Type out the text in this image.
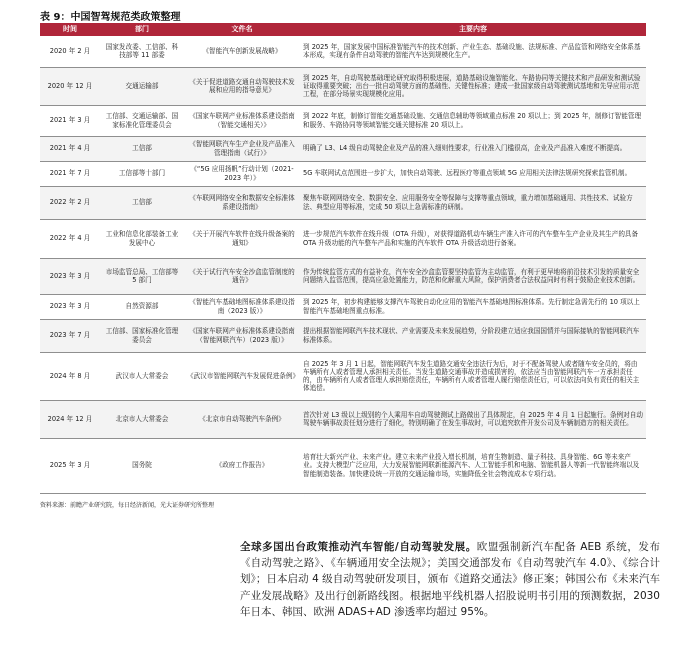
表 9：中国智驾规范类政策整理
时间	部门	文件名	主要内容
2020 年 2 月	国家发改委、工信部、科技部等 11 部委	《智能汽车创新发展战略》	到 2025 年，国家发展中国标准智能汽车的技术创新、产业生态、基础设施、法规标准、产品监管和网络安全体系基本形成，实现有条件自动驾驶的智能汽车达到规模化生产。
2020 年 12 月	交通运输部	《关于促进道路交通自动驾驶技术发展和应用的指导意见》	到 2025 年，自动驾驶基础理论研究取得积极进展，道路基础设施智能化、车路协同等关键技术和产品研发和测试验证取得重要突破；出台一批自动驾驶方面的基础性、关键性标准；建成一批国家级自动驾驶测试基地和先导应用示范工程，在部分场景实现规模化应用。
2021 年 3 月	工信部、交通运输部、国家标准化管理委员会	《国家车联网产业标准体系建设指南（智能交通相关）》	到 2022 年底，制修订智能交通基础设施、交通信息辅助等领域重点标准 20 项以上；到 2025 年，制修订智能管理和服务、车路协同等领域智能交通关键标准 20 项以上。
2021 年 4 月	工信部	《智能网联汽车生产企业及产品准入管理指南（试行）》	明确了 L3、L4 级自动驾驶企业及产品的准入细则性要求，行业准入门槛很高，企业及产品准入难度不断提高。
2021 年 7 月	工信部等十部门	《“5G 应用扬帆”行动计划（2021-2023 年）》	5G 车联网试点范围进一步扩大，加快自动驾驶、远程医疗等重点领域 5G 应用相关法律法规研究探索监管机制。
2022 年 2 月	工信部	《车联网网络安全和数据安全标准体系建设指南》	聚焦车联网网络安全、数据安全、应用服务安全等保障与支撑等重点领域，重力增加基础通用、共性技术、试验方法、典型应用等标准，完成 50 项以上急需标准的研制。
2022 年 4 月	工业和信息化部装备工业发展中心	《关于开展汽车软件在线升级备案的通知》	进一步规范汽车软件在线升级（OTA 升级），对获得道路机动车辆生产准入许可的汽车整车生产企业及其生产的具备 OTA 升级功能的汽车整车产品和实施的汽车软件 OTA 升级活动进行备案。
2023 年 3 月	市场监管总局、工信部等 5 部门	《关于试行汽车安全沙盒监管制度的通告》	作为传统监管方式的有益补充，汽车安全沙盒监管要坚持监管为主动监管，有利于更早地将前沿技术引发的质量安全问题纳入监管范围，提高应急处置能力，防范和化解重大风险，保护消费者合法权益同时有利于鼓励企业技术创新。
2023 年 3 月	自然资源部	《智能汽车基础地图标准体系建设指南（2023 版）》	到 2025 年，初步构建能够支撑汽车驾驶自动化应用的智能汽车基础地图标准体系。先行制定急需先行的 10 项以上智能汽车基础地图重点标准。
2023 年 7 月	工信部、国家标准化管理委员会	《国家车联网产业标准体系建设指南（智能网联汽车）（2023 版）》	提出根据智能网联汽车技术现状、产业需要及未来发展趋势，分阶段建立适应我国国情并与国际接轨的智能网联汽车标准体系。
2024 年 8 月	武汉市人大常委会	《武汉市智能网联汽车发展促进条例》	自 2025 年 3 月 1 日起，智能网联汽车发生道路交通安全违法行为后，对于不配备驾驶人或者随车安全员的，将由车辆所有人或者管理人承担相关责任。当发生道路交通事故并造成损害的，依法应当由智能网联汽车一方承担责任的，由车辆所有人或者管理人承担赔偿责任，车辆所有人或者管理人履行赔偿责任后，可以依法向负有责任的相关主体追偿。
2024 年 12 月	北京市人大常委会	《北京市自动驾驶汽车条例》	首次针对 L3 级以上级别的个人乘用车自动驾驶测试上路做出了具体规定，自 2025 年 4 月 1 日起施行。条例对自动驾驶车辆事故责任划分进行了细化，特别明确了在发生事故时，可以追究软件开发公司及车辆制造方的相关责任。
2025 年 3 月	国务院	《政府工作报告》	培育壮大新兴产业、未来产业。建立未来产业投入增长机制，培育生物制造、量子科技、具身智能、6G 等未来产业。支持大模型广泛应用，大力发展智能网联新能源汽车、人工智能手机和电脑、智能机器人等新一代智能终端以及智能制造装备。加快建设统一开放的交通运输市场，实施降低全社会物流成本专项行动。
资料来源：前瞻产业研究院，每日经济新闻，光大证券研究所整理
全球多国出台政策推动汽车智能/自动驾驶发展。欧盟强制新汽车配备 AEB 系统，发布《自动驾驶之路》、《车辆通用安全法规》；美国交通部发布《自动驾驶汽车 4.0》、《综合计划》；日本启动 4 级自动驾驶研发项目，颁布《道路交通法》修正案；韩国公布《未来汽车产业发展战略》及出行创新路线图。根据地平线机器人招股说明书引用的预测数据，2030 年日本、韩国、欧洲 ADAS+AD 渗透率均超过 95%。
